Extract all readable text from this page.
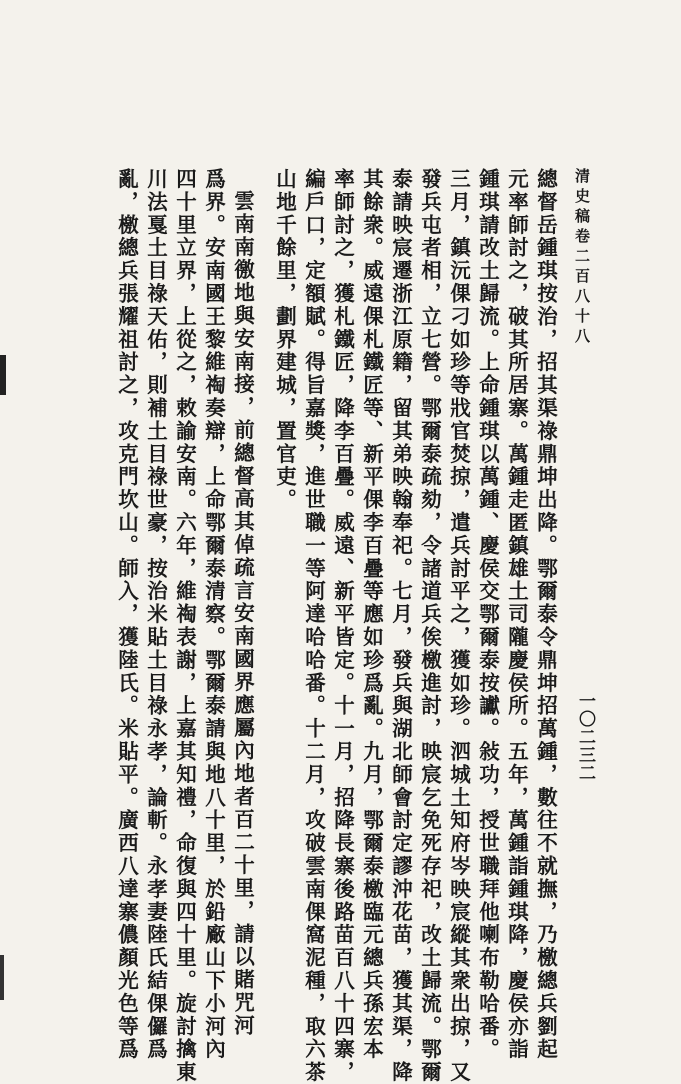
清史稿卷二百八十八
一〇二三二
總督岳鍾琪按治，招其渠祿鼎坤出降。鄂爾泰令鼎坤招萬鍾，數往不就撫，乃檄總兵劉起
元率師討之，破其所居寨。萬鍾走匿鎮雄土司隴慶侯所。五年，萬鍾詣鍾琪降，慶侯亦詣
鍾琪請改土歸流。上命鍾琪以萬鍾、慶侯交鄂爾泰按讞。敍功，授世職拜他喇布勒哈番。
三月，鎮沅倮刁如珍等戕官焚掠，遣兵討平之，獲如珍。泗城土知府岑映宸縱其衆出掠，又
發兵屯者相，立七營。鄂爾泰疏劾，令諸道兵俟檄進討，映宸乞免死存祀，改土歸流。鄂爾
泰請映宸遷浙江原籍，留其弟映翰奉祀。七月，發兵與湖北師會討定謬沖花苗，獲其渠，降
其餘衆。威遠倮札鐵匠等、新平倮李百疊等應如珍爲亂。九月，鄂爾泰檄臨元總兵孫宏本
率師討之，獲札鐵匠，降李百疊。威遠、新平皆定。十一月，招降長寨後路苗百八十四寨，
編戶口，定額賦。得旨嘉獎，進世職一等阿達哈哈番。十二月，攻破雲南倮窩泥種，取六茶
山地千餘里，劃界建城，置官吏。
雲南南徼地與安南接，前總督高其倬疏言安南國界應屬內地者百二十里，請以賭咒河
爲界。安南國王黎維祹奏辯，上命鄂爾泰清察。鄂爾泰請與地八十里，於鉛廠山下小河內
四十里立界，上從之，敕諭安南。六年，維祹表謝，上嘉其知禮，命復與四十里。旋討擒東
川法戛土目祿天佑，則補土目祿世豪，按治米貼土目祿永孝，論斬。永孝妻陸氏結倮儸爲
亂，檄總兵張耀祖討之，攻克門坎山。師入，獲陸氏。米貼平。廣西八達寨儂顏光色等爲
